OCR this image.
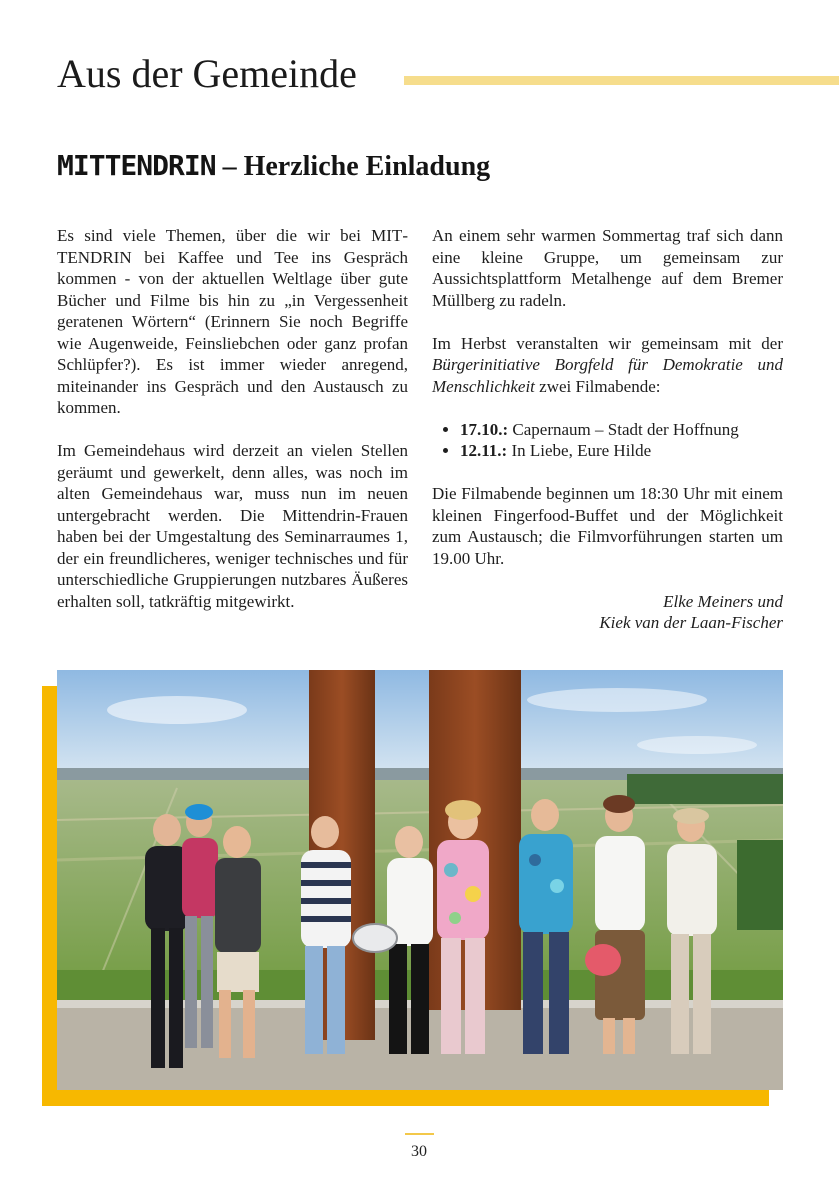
Aus der Gemeinde
MITTENDRIN – Herzliche Einladung

Es sind viele Themen, über die wir bei MITTENDRIN bei Kaffee und Tee ins Gespräch kommen - von der aktuellen Weltlage über gute Bücher und Filme bis hin zu „in Vergessenheit geratenen Wörtern“ (Erinnern Sie noch Begriffe wie Augenweide, Feinsliebchen oder ganz profan Schlüpfer?). Es ist immer wieder anregend, miteinander ins Gespräch und den Austausch zu kommen.

Im Gemeindehaus wird derzeit an vielen Stellen geräumt und gewerkelt, denn alles, was noch im alten Gemeindehaus war, muss nun im neuen untergebracht werden. Die Mittendrin-Frauen haben bei der Umgestaltung des Seminarraumes 1, der ein freundlicheres, weniger technisches und für unterschiedliche Gruppierungen nutzbares Äußeres erhalten soll, tatkräftig mitgewirkt.

An einem sehr warmen Sommertag traf sich dann eine kleine Gruppe, um gemeinsam zur Aussichtsplattform Metalhenge auf dem Bremer Müllberg zu radeln.

Im Herbst veranstalten wir gemeinsam mit der Bürgerinitiative Borgfeld für Demokratie und Menschlichkeit zwei Filmabende:

• 17.10.: Capernaum – Stadt der Hoffnung
• 12.11.: In Liebe, Eure Hilde

Die Filmabende beginnen um 18:30 Uhr mit einem kleinen Fingerfood-Buffet und der Möglichkeit zum Austausch; die Filmvorführungen starten um 19.00 Uhr.

Elke Meiners und
Kiek van der Laan-Fischer

30
